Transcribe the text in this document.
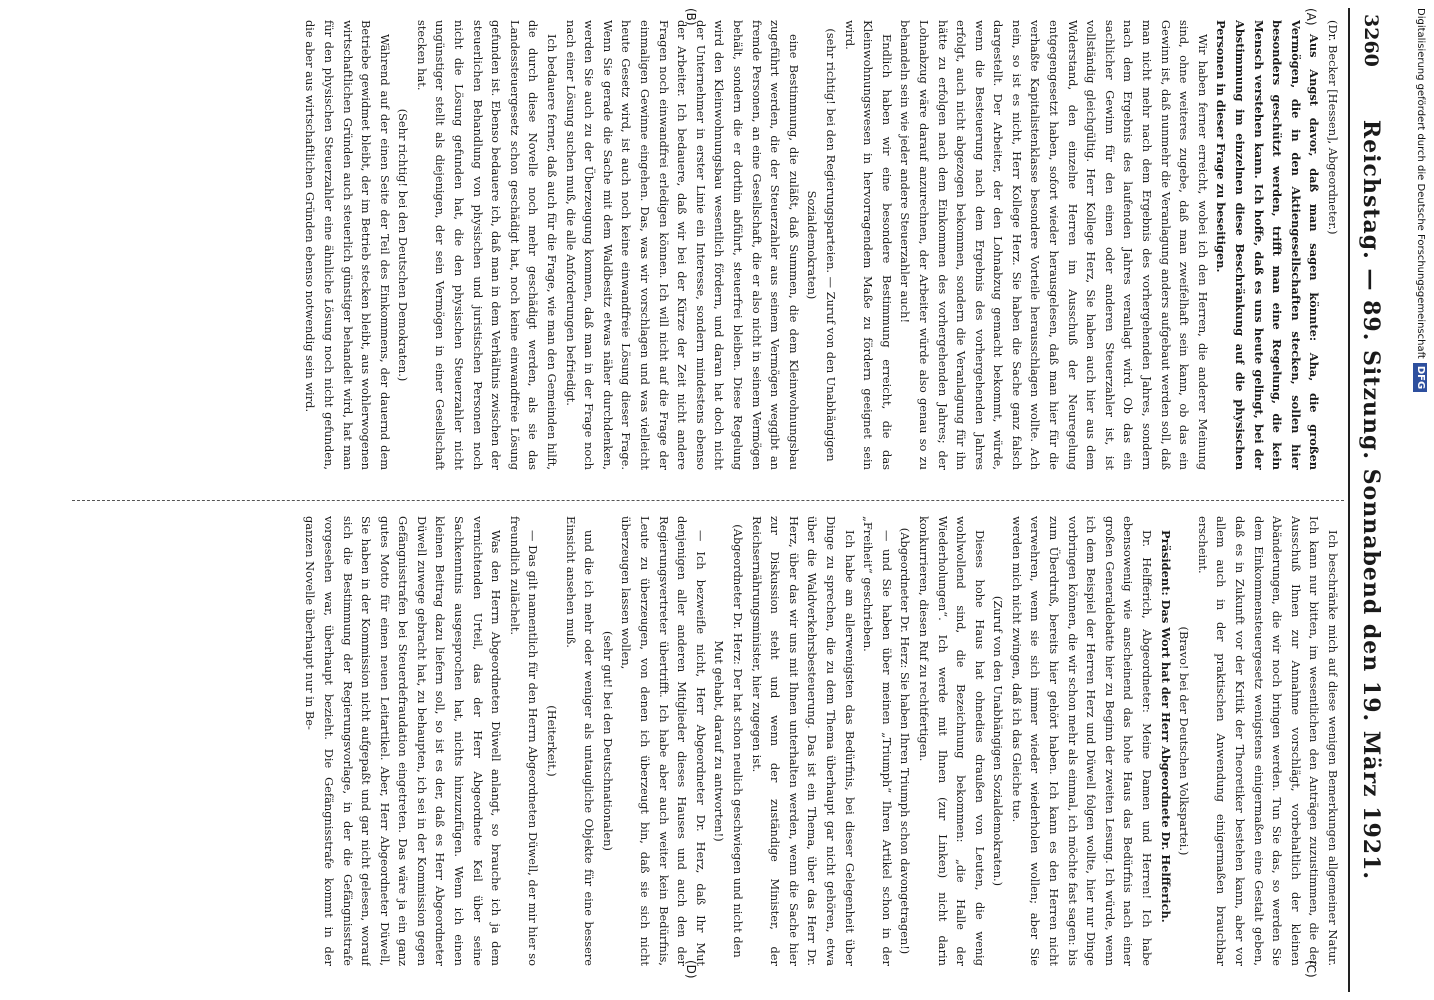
3260
Reichstag. — 89. Sitzung. Sonnabend den 19. März 1921.
(A)
(B)
(C)
(D)

(Dr. Becker [Hessen], Abgeordneter.)

Aus Angst davor, daß man sagen könnte: Aha, die großen Vermögen, die in den Aktiengesellschaften stecken, sollen hier besonders geschützt werden, trifft man eine Regelung, die kein Mensch verstehen kann. Ich hoffe, daß es uns heute gelingt, bei der Abstimmung im einzelnen diese Beschränkung auf die physischen Personen in dieser Frage zu beseitigen.

Wir haben ferner erreicht, wobei ich den Herren, die anderer Meinung sind, ohne weiteres zugebe, daß man zweifelhaft sein kann, ob das ein Gewinn ist, daß nunmehr die Veranlagung anders aufgebaut werden soll, daß man nicht mehr nach dem Ergebnis des vorhergehenden Jahres, sondern nach dem Ergebnis des laufenden Jahres veranlagt wird. Ob das ein sachlicher Gewinn für den einen oder anderen Steuerzahler ist, ist vollständig gleichgültig. Herr Kollege Herz, Sie haben auch hier aus dem Widerstand, den einzelne Herren im Ausschuß der Neuregelung entgegengesetzt haben, sofort wieder herausgelesen, daß man hier für die verhaßte Kapitalistenklasse besondere Vorteile herausschlagen wollte. Ach nein, so ist es nicht, Herr Kollege Herz. Sie haben die Sache ganz falsch dargestellt. Der Arbeiter, der den Lohnabzug gemacht bekommt, würde, wenn die Besteuerung nach dem Ergebnis des vorhergehenden Jahres erfolgt, auch nicht abgezogen bekommen, sondern die Veranlagung für ihn hätte zu erfolgen nach dem Einkommen des vorhergehenden Jahres; der Lohnabzug wäre darauf anzurechnen, der Arbeiter würde also genau so zu behandeln sein wie jeder andere Steuerzahler auch!

Endlich haben wir eine besondere Bestimmung erreicht, die das Kleinwohnungswesen in hervorragendem Maße zu fördern geeignet sein wird.

(sehr richtig! bei den Regierungsparteien. — Zuruf von den Unabhängigen Sozialdemokraten)

eine Bestimmung, die zuläßt, daß Summen, die dem Kleinwohnungsbau zugeführt werden, die der Steuerzahler aus seinem Vermögen weggibt an fremde Personen, an eine Gesellschaft, die er also nicht in seinem Vermögen behält, sondern die er dorthin abführt, steuerfrei bleiben. Diese Regelung wird den Kleinwohnungsbau wesentlich fördern, und daran hat doch nicht der Unternehmer in erster Linie ein Interesse, sondern mindestens ebenso der Arbeiter. Ich bedauere, daß wir bei der Kürze der Zeit nicht andere Fragen noch einwandfrei erledigen können. Ich will nicht auf die Frage der einmaligen Gewinne eingehen. Das, was wir vorschlagen und was vielleicht heute Gesetz wird, ist auch noch keine einwandfreie Lösung dieser Frage. Wenn Sie gerade die Sache mit dem Waldbesitz etwas näher durchdenken, werden Sie auch zu der Überzeugung kommen, daß man in der Frage noch nach einer Lösung suchen muß, die alle Anforderungen befriedigt.

Ich bedauere ferner, daß auch für die Frage, wie man den Gemeinden hilft, die durch diese Novelle noch mehr geschädigt werden, als sie das Landessteuergesetz schon geschädigt hat, noch keine einwandfreie Lösung gefunden ist. Ebenso bedauere ich, daß man in dem Verhältnis zwischen der steuerlichen Behandlung von physischen und juristischen Personen noch nicht die Lösung gefunden hat, die den physischen Steuerzahler nicht ungünstiger stellt als diejenigen, der sein Vermögen in einer Gesellschaft stecken hat.

(Sehr richtig! bei den Deutschen Demokraten.)

Während auf der einen Seite der Teil des Einkommens, der dauernd dem Betriebe gewidmet bleibt, der im Betrieb stecken bleibt, aus wohlerwogenen wirtschaftlichen Gründen auch steuerlich günstiger behandelt wird, hat man für den physischen Steuerzahler eine ähnliche Lösung noch nicht gefunden, die aber aus wirtschaftlichen Gründen ebenso notwendig sein wird.

Ich beschränke mich auf diese wenigen Bemerkungen allgemeiner Natur. Ich kann nur bitten, im wesentlichen den Anträgen zuzustimmen, die der Ausschuß Ihnen zur Annahme vorschlägt, vorbehaltlich der kleinen Abänderungen, die wir noch bringen werden. Tun Sie das, so werden Sie dem Einkommensteuergesetz wenigstens einigermaßen eine Gestalt geben, daß es in Zukunft vor der Kritik der Theoretiker bestehen kann, aber vor allem auch in der praktischen Anwendung einigermaßen brauchbar erscheint.

(Bravo! bei der Deutschen Volkspartei.)

Präsident: Das Wort hat der Herr Abgeordnete Dr. Helfferich.

Dr. Helfferich, Abgeordneter: Meine Damen und Herren! Ich habe ebensowenig wie anscheinend das hohe Haus das Bedürfnis nach einer großen Generaldebatte hier zu Beginn der zweiten Lesung. Ich würde, wenn ich dem Beispiel der Herren Herz und Düwell folgen wollte, hier nur Dinge vorbringen können, die wir schon mehr als einmal, ich möchte fast sagen: bis zum Überdruß, bereits hier gehört haben. Ich kann es den Herren nicht verwehren, wenn sie sich immer wieder wiederholen wollen; aber Sie werden mich nicht zwingen, daß ich das Gleiche tue.

(Zuruf von den Unabhängigen Sozialdemokraten.)

Dieses hohe Haus hat ohnedies draußen von Leuten, die wenig wohlwollend sind, die Bezeichnung bekommen: „die Halle der Wiederholungen“. Ich werde mit Ihnen (zur Linken) nicht darin konkurrieren, diesen Ruf zu rechtfertigen.

(Abgeordneter Dr. Herz: Sie haben Ihren Triumph schon davongetragen!)

— und Sie haben über meinen „Triumph“ Ihren Artikel schon in der „Freiheit“ geschrieben.

Ich habe am allerwenigsten das Bedürfnis, bei dieser Gelegenheit über Dinge zu sprechen, die zu dem Thema überhaupt gar nicht gehören, etwa über die Waldverkehrsbesteuerung. Das ist ein Thema, über das Herr Dr. Herz, über das wir uns mit Ihnen unterhalten werden, wenn die Sache hier zur Diskussion steht und wenn der zuständige Minister, der Reichsernährungsminister, hier zugegen ist.

(Abgeordneter Dr. Herz: Der hat schon neulich geschwiegen und nicht den Mut gehabt, darauf zu antworten!)

— Ich bezweifle nicht, Herr Abgeordneter Dr. Herz, daß Ihr Mut denjenigen aller anderen Mitglieder dieses Hauses und auch den der Regierungsvertreter übertrifft. Ich habe aber auch weiter kein Bedürfnis, Leute zu überzeugen, von denen ich überzeugt bin, daß sie sich nicht überzeugen lassen wollen,

(sehr gut! bei den Deutschnationalen)

und die ich mehr oder weniger als untaugliche Objekte für eine bessere Einsicht ansehen muß.

(Heiterkeit.)

— Das gilt namentlich für den Herrn Abgeordneten Düwell, der mir hier so freundlich zulächelt.

Was den Herrn Abgeordneten Düwell anlangt, so brauche ich ja dem vernichtenden Urteil, das der Herr Abgeordnete Keil über seine Sachkenntnis ausgesprochen hat, nichts hinzuzufügen. Wenn ich einen kleinen Beitrag dazu liefern soll, so ist es der, daß es Herr Abgeordneter Düwell zuwege gebracht hat, zu behaupten, ich sei in der Kommission gegen Gefängnisstrafen bei Steuerdefraudation eingetreten. Das wäre ja ein ganz gutes Motto für einen neuen Leitartikel. Aber, Herr Abgeordneter Düwell, Sie haben in der Kommission nicht aufgepaßt und gar nicht gelesen, worauf sich die Bestimmung der Regierungsvorlage, in der die Gefängnisstrafe vorgesehen war, überhaupt bezieht. Die Gefängnisstrafe kommt in der ganzen Novelle überhaupt nur in Be-

Digitalisierung gefördert durch die Deutsche ForschungsgemeinschaftDFG
